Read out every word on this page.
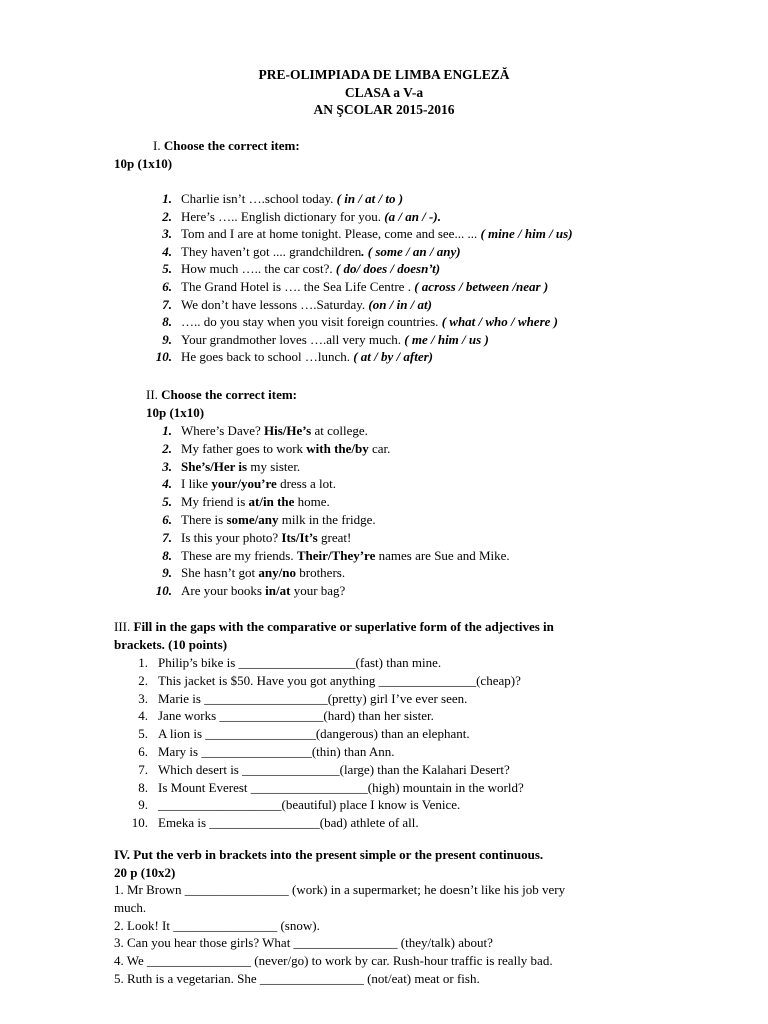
PRE-OLIMPIADA DE LIMBA ENGLEZĂ
CLASA a V-a
AN ŞCOLAR 2015-2016
I. Choose the correct item:
10p (1x10)
1. Charlie isn’t ….school today. ( in / at / to )
2. Here’s ….. English dictionary for you. (a / an / -).
3. Tom and I are at home tonight. Please, come and see... ... ( mine / him / us)
4. They haven’t got .... grandchildren. ( some / an / any)
5. How much ….. the car cost?. ( do/ does / doesn’t)
6. The Grand Hotel is …. the Sea Life Centre . ( across / between /near )
7. We don’t have lessons ….Saturday. (on / in / at)
8. ….. do you stay when you visit foreign countries. ( what / who / where )
9. Your grandmother loves ….all very much. ( me / him / us )
10. He goes back to school …lunch. ( at / by / after)
II. Choose the correct item:
10p (1x10)
1. Where’s Dave? His/He’s at college.
2. My father goes to work with the/by car.
3. She’s/Her is my sister.
4. I like your/you’re dress a lot.
5. My friend is at/in the home.
6. There is some/any milk in the fridge.
7. Is this your photo? Its/It’s great!
8. These are my friends. Their/They’re names are Sue and Mike.
9. She hasn’t got any/no brothers.
10. Are your books in/at your bag?
III. Fill in the gaps with the comparative or superlative form of the adjectives in
brackets. (10 points)
1. Philip’s bike is __________________(fast) than mine.
2. This jacket is $50. Have you got anything _______________(cheap)?
3. Marie is ___________________(pretty) girl I’ve ever seen.
4. Jane works ________________(hard) than her sister.
5. A lion is _________________(dangerous) than an elephant.
6. Mary is _________________(thin) than Ann.
7. Which desert is _______________(large) than the Kalahari Desert?
8. Is Mount Everest __________________(high) mountain in the world?
9. ___________________(beautiful) place I know is Venice.
10. Emeka is _________________(bad) athlete of all.
IV. Put the verb in brackets into the present simple or the present continuous.
20 p (10x2)
1. Mr Brown ________________ (work) in a supermarket; he doesn’t like his job very
much.
2. Look! It ________________ (snow).
3. Can you hear those girls? What ________________ (they/talk) about?
4. We ________________ (never/go) to work by car. Rush-hour traffic is really bad.
5. Ruth is a vegetarian. She ________________ (not/eat) meat or fish.
